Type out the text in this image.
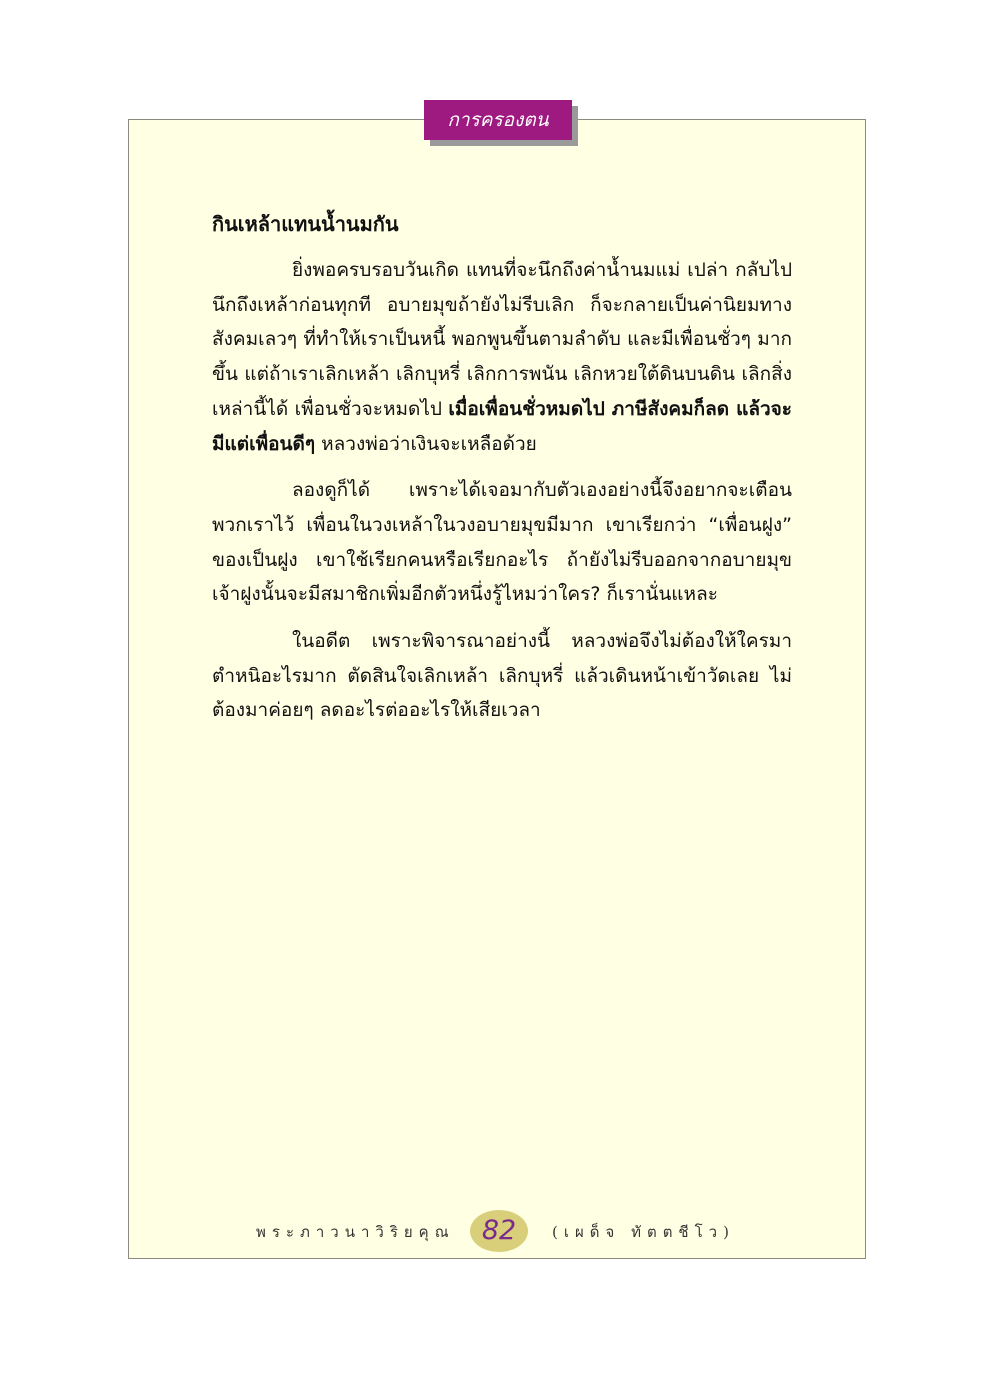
การครองตน
กินเหล้าแทนน้ำนมกัน

ยิ่งพอครบรอบวันเกิด แทนที่จะนึกถึงค่าน้ำนมแม่ เปล่า กลับไปนึกถึงเหล้าก่อนทุกที อบายมุขถ้ายังไม่รีบเลิก ก็จะกลายเป็นค่านิยมทางสังคมเลวๆ ที่ทำให้เราเป็นหนี้ พอกพูนขึ้นตามลำดับ และมีเพื่อนชั่วๆ มากขึ้น แต่ถ้าเราเลิกเหล้า เลิกบุหรี่ เลิกการพนัน เลิกหวยใต้ดินบนดิน เลิกสิ่งเหล่านี้ได้ เพื่อนชั่วจะหมดไป เมื่อเพื่อนชั่วหมดไป ภาษีสังคมก็ลด แล้วจะมีแต่เพื่อนดีๆ หลวงพ่อว่าเงินจะเหลือด้วย

ลองดูก็ได้ เพราะได้เจอมากับตัวเองอย่างนี้จึงอยากจะเตือนพวกเราไว้ เพื่อนในวงเหล้าในวงอบายมุขมีมาก เขาเรียกว่า “เพื่อนฝูง” ของเป็นฝูง เขาใช้เรียกคนหรือเรียกอะไร ถ้ายังไม่รีบออกจากอบายมุข เจ้าฝูงนั้นจะมีสมาชิกเพิ่มอีกตัวหนึ่งรู้ไหมว่าใคร? ก็เรานั่นแหละ

ในอดีต เพราะพิจารณาอย่างนี้ หลวงพ่อจึงไม่ต้องให้ใครมาตำหนิอะไรมาก ตัดสินใจเลิกเหล้า เลิกบุหรี่ แล้วเดินหน้าเข้าวัดเลย ไม่ต้องมาค่อยๆ ลดอะไรต่ออะไรให้เสียเวลา

พระภาวนาวิริยคุณ	82	(เผด็จ ทัตตชีโว)
